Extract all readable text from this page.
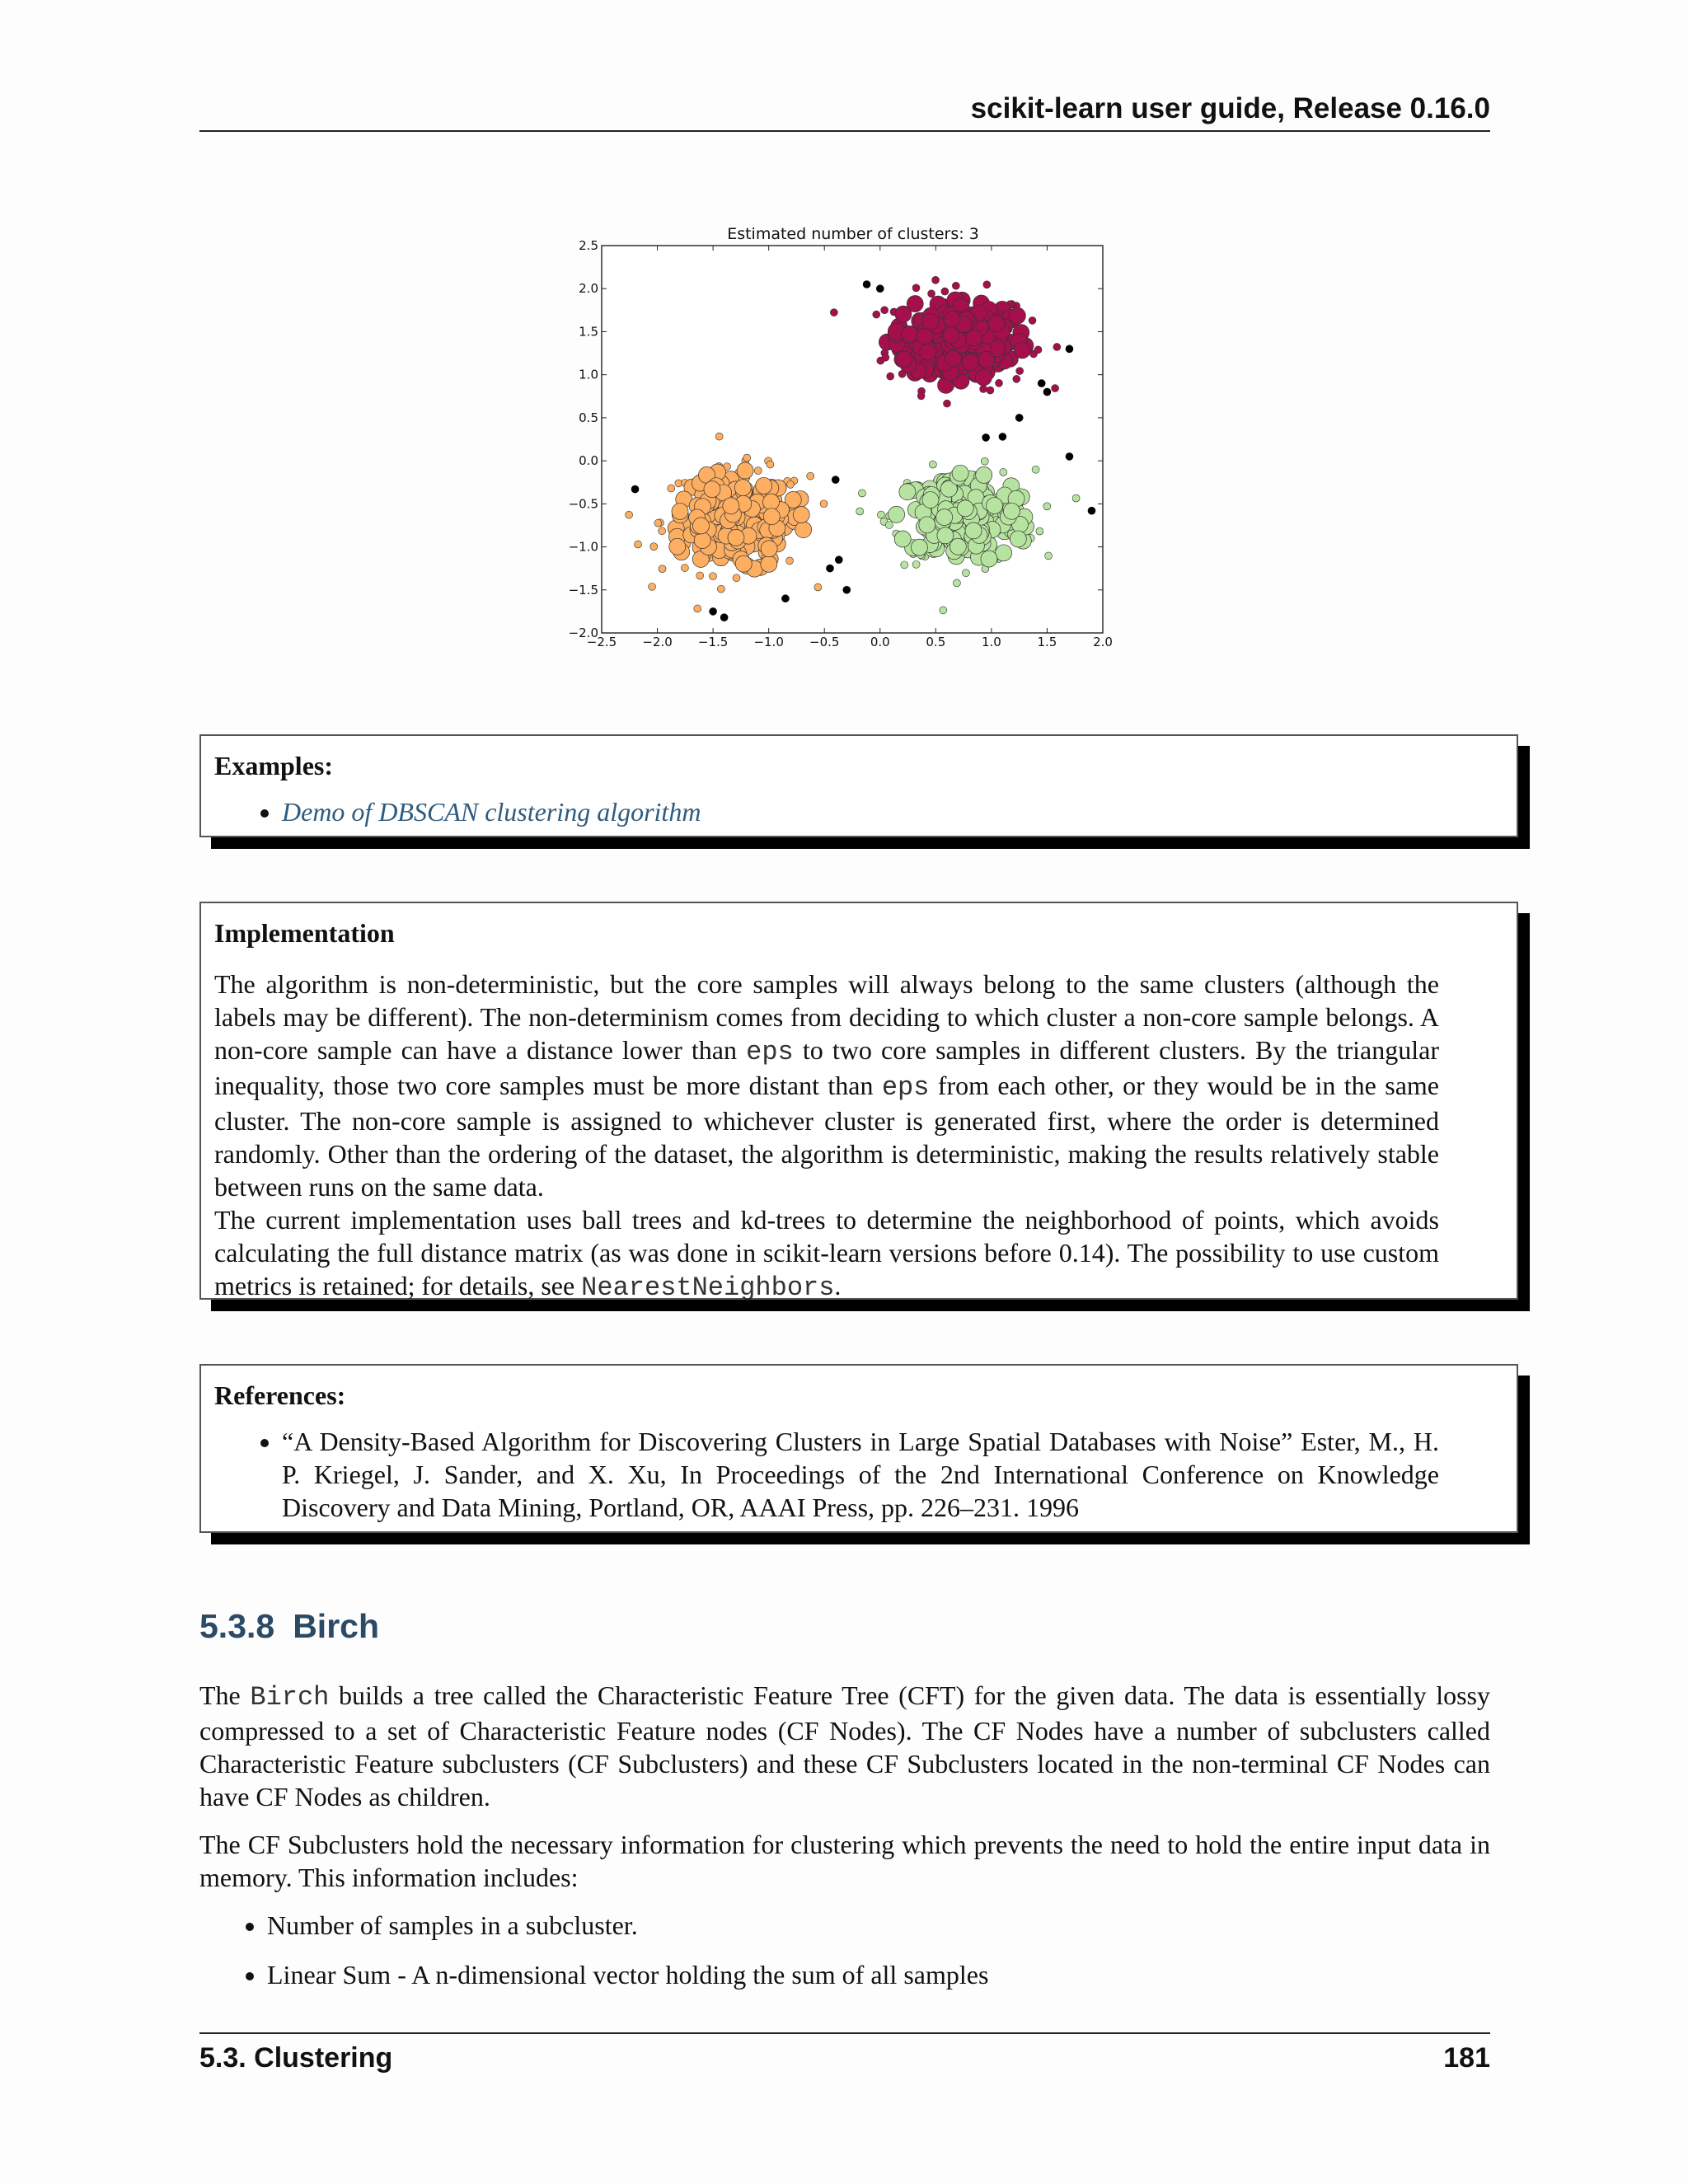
scikit-learn user guide, Release 0.16.0
Estimated number of clusters: 3
−2.5 −2.0 −1.5 −1.0 −0.5 0.0	0.5	1.0	1.5	2.0
2.5
2.0
1.5
1.0
0.5
0.0
−0.5
−1.0
−1.5
−2.0
Examples:
• Demo of DBSCAN clustering algorithm
Implementation

The algorithm is non-deterministic, but the core samples will always belong to the same clusters (although the labels may be different). The non-determinism comes from deciding to which cluster a non-core sample belongs. A non-core sample can have a distance lower than eps to two core samples in different clusters. By the triangular inequality, those two core samples must be more distant than eps from each other, or they would be in the same cluster. The non-core sample is assigned to whichever cluster is generated first, where the order is determined randomly. Other than the ordering of the dataset, the algorithm is deterministic, making the results relatively stable between runs on the same data.

The current implementation uses ball trees and kd-trees to determine the neighborhood of points, which avoids calculating the full distance matrix (as was done in scikit-learn versions before 0.14). The possibility to use custom metrics is retained; for details, see NearestNeighbors.

References:
• “A Density-Based Algorithm for Discovering Clusters in Large Spatial Databases with Noise” Ester, M., H. P. Kriegel, J. Sander, and X. Xu, In Proceedings of the 2nd International Conference on Knowledge Discovery and Data Mining, Portland, OR, AAAI Press, pp. 226–231. 1996
5.3.8 Birch

The Birch builds a tree called the Characteristic Feature Tree (CFT) for the given data. The data is essentially lossy compressed to a set of Characteristic Feature nodes (CF Nodes). The CF Nodes have a number of subclusters called Characteristic Feature subclusters (CF Subclusters) and these CF Subclusters located in the non-terminal CF Nodes can have CF Nodes as children.

The CF Subclusters hold the necessary information for clustering which prevents the need to hold the entire input data in memory. This information includes:

• Number of samples in a subcluster.
• Linear Sum - A n-dimensional vector holding the sum of all samples
5.3. Clustering	181
